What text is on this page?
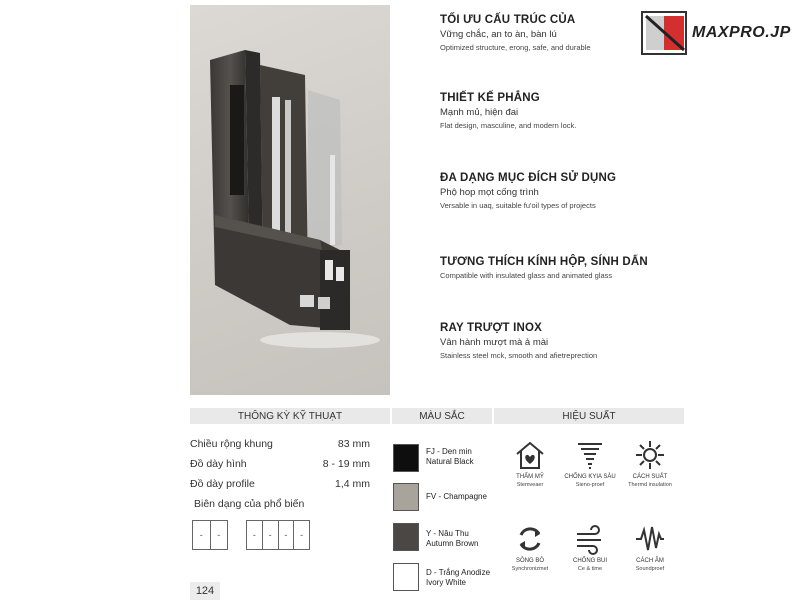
MAXPRO.JP
TỐI ƯU CẤU TRÚC CỦA
Vững chắc, an to àn, bàn lú
Optimized structure, erong, safe, and durable
THIẾT KẾ PHẲNG
Mạnh mủ, hiện đai
Flat design, masculine, and modern lock.
ĐA DẠNG MỤC ĐÍCH SỬ DỤNG
Phộ hop mọt cống trình
Versable in uaq, suitable fu'oil types of projects
TƯƠNG THÍCH KÍNH HỘP, SÍNH DẨN
Compatible with insulated glass and animated glass
RAY TRƯỢT INOX
Vân hành mượt mà ả mài
Stainless steel mck, smooth and afietreprection
THÔNG KỲ KỸ THUẠT	MÀU SẮC	HIỆU SUẤT
Chiều rộng khung	83 mm
Đồ dày hình	8 - 19 mm
Đồ dày profile	1,4 mm
Biên dạng của phổ biến
-	-	-	-	-	-
FJ - Den min
Natural Black
FV - Champagne
Y - Nâu Thu
Autumn Brown
D - Trắng Anodize
Ivory White
THẨM MỸ
Stemveaer
CHỐNG KYIA SÀU
Sieno-proef
CÁCH SUẤT
Thermd insulation
SÔNG BÔ
Synchronizmet
CHỐNG BUI
Ce & time
CÁCH ÂM
Soundproef
124
